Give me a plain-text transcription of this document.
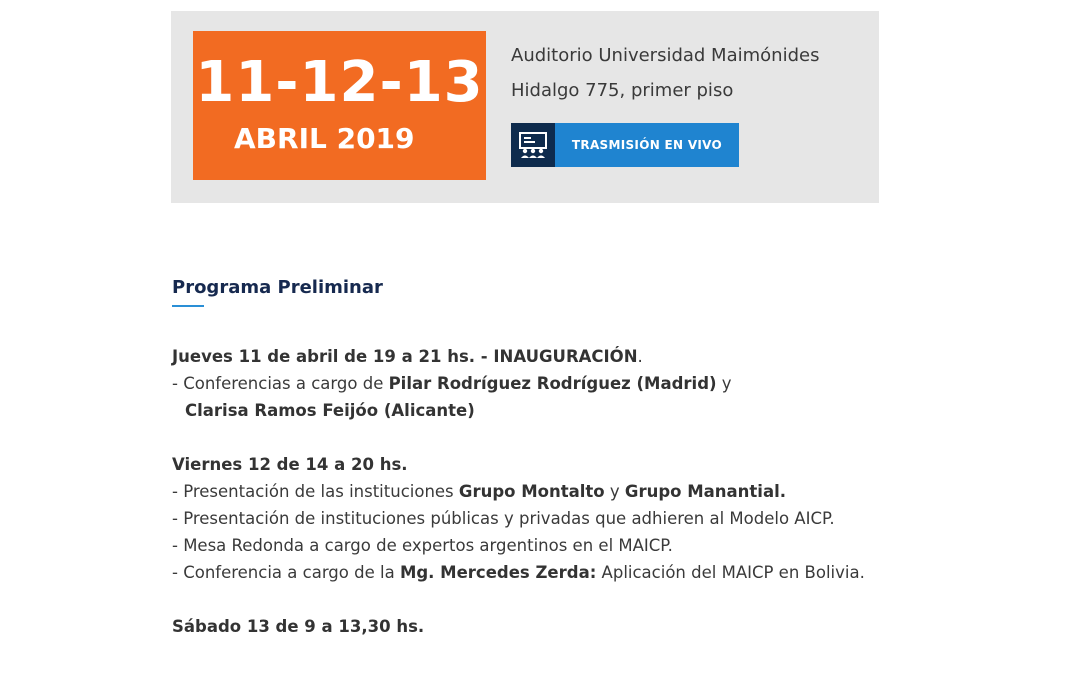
11-12-13
ABRIL 2019
Auditorio Universidad Maimónides
Hidalgo 775, primer piso
TRASMISIÓN EN VIVO
Programa Preliminar

Jueves 11 de abril de 19 a 21 hs. - INAUGURACIÓN.

- Conferencias a cargo de Pilar Rodríguez Rodríguez (Madrid) y
Clarisa Ramos Feijóo (Alicante)

Viernes 12 de 14 a 20 hs.

- Presentación de las instituciones Grupo Montalto y Grupo Manantial.

- Presentación de instituciones públicas y privadas que adhieren al Modelo AICP.

- Mesa Redonda a cargo de expertos argentinos en el MAICP.

- Conferencia a cargo de la Mg. Mercedes Zerda: Aplicación del MAICP en Bolivia.

Sábado 13 de 9 a 13,30 hs.
